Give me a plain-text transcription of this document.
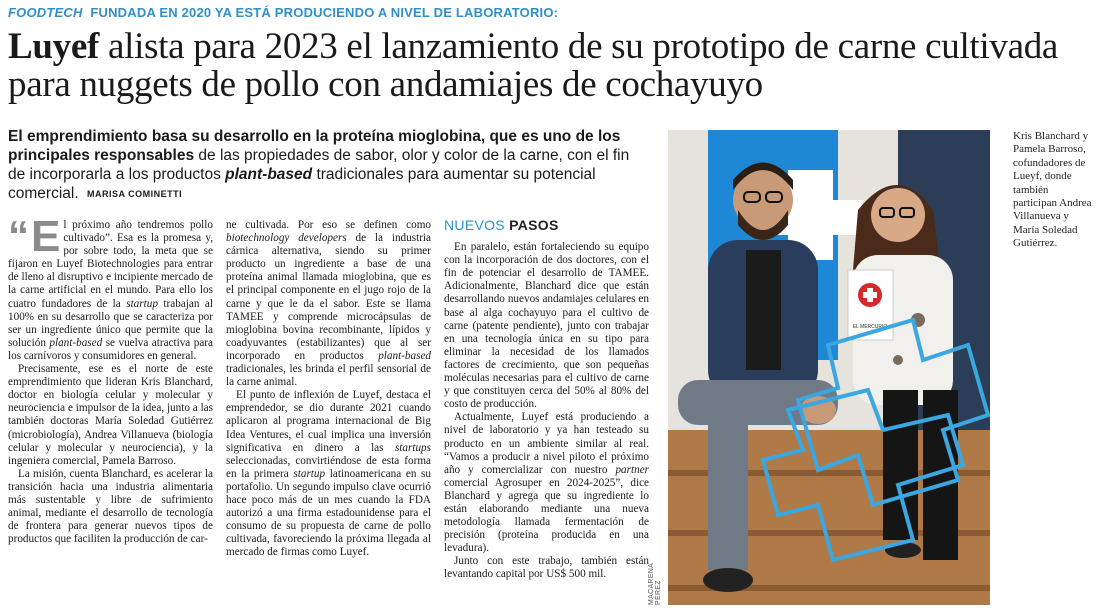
FOODTECH FUNDADA EN 2020 YA ESTÁ PRODUCIENDO A NIVEL DE LABORATORIO:
Luyef alista para 2023 el lanzamiento de su prototipo de carne cultivada para nuggets de pollo con andamiajes de cochayuyo
El emprendimiento basa su desarrollo en la proteína mioglobina, que es uno de los principales responsables de las propiedades de sabor, olor y color de la carne, con el fin de incorporarla a los productos plant-based tradicionales para aumentar su potencial comercial. MARISA COMINETTI

“ E l próximo año tendremos pollo cultivado”. Esa es la promesa y, por sobre todo, la meta que se fijaron en Luyef Biotechnologies para entrar de lleno al disruptivo e incipiente mercado de la carne artificial en el mundo. Para ello los cuatro fundadores de la startup trabajan al 100% en su desarrollo que se caracteriza por ser un ingrediente único que permite que la solución plant-based se vuelva atractiva para los carnívoros y consumidores en general.

Precisamente, ese es el norte de este emprendimiento que lideran Kris Blanchard, doctor en biología celular y molecular y neurociencia e impulsor de la idea, junto a las también doctoras María Soledad Gutiérrez (microbiología), Andrea Villanueva (biología celular y molecular y neurociencia), y la ingeniera comercial, Pamela Barroso.

La misión, cuenta Blanchard, es acelerar la transición hacia una industria alimentaria más sustentable y libre de sufrimiento animal, mediante el desarrollo de tecnología de frontera para generar nuevos tipos de productos que faciliten la producción de car-

ne cultivada. Por eso se definen como biotechnology developers de la industria cárnica alternativa, siendo su primer producto un ingrediente a base de una proteína animal llamada mioglobina, que es el principal componente en el jugo rojo de la carne y que le da el sabor. Este se llama TAMEE y comprende microcápsulas de mioglobina bovina recombinante, lípidos y coadyuvantes (estabilizantes) que al ser incorporado en productos plant-based tradicionales, les brinda el perfil sensorial de la carne animal.

El punto de inflexión de Luyef, destaca el emprendedor, se dio durante 2021 cuando aplicaron al programa internacional de Big Idea Ventures, el cual implica una inversión significativa en dinero a las startups seleccionadas, convirtiéndose de esta forma en la primera startup latinoamericana en su portafolio. Un segundo impulso clave ocurrió hace poco más de un mes cuando la FDA autorizó a una firma estadounidense para el consumo de su propuesta de carne de pollo cultivada, favoreciendo la próxima llegada al mercado de firmas como Luyef.

NUEVOS PASOS

En paralelo, están fortaleciendo su equipo con la incorporación de dos doctores, con el fin de potenciar el desarrollo de TAMEE. Adicionalmente, Blanchard dice que están desarrollando nuevos andamiajes celulares en base al alga cochayuyo para el cultivo de carne (patente pendiente), junto con trabajar en una tecnología única en su tipo para eliminar la necesidad de los llamados factores de crecimiento, que son pequeñas moléculas necesarias para el cultivo de carne y que constituyen cerca del 50% al 80% del costo de producción.

Actualmente, Luyef está produciendo a nivel de laboratorio y ya han testeado su producto en un ambiente similar al real. “Vamos a producir a nivel piloto el próximo año y comercializar con nuestro partner comercial Agrosuper en 2024-2025”, dice Blanchard y agrega que su ingrediente lo están elaborando mediante una nueva metodología llamada fermentación de precisión (proteína producida en una levadura).

Junto con este trabajo, también están levantando capital por US$ 500 mil.

EL MERCURIO
MACARENA PÉREZ
Kris Blanchard y Pamela Barroso, cofundadores de Lueyf, donde también participan Andrea Villanueva y María Soledad Gutiérrez.
